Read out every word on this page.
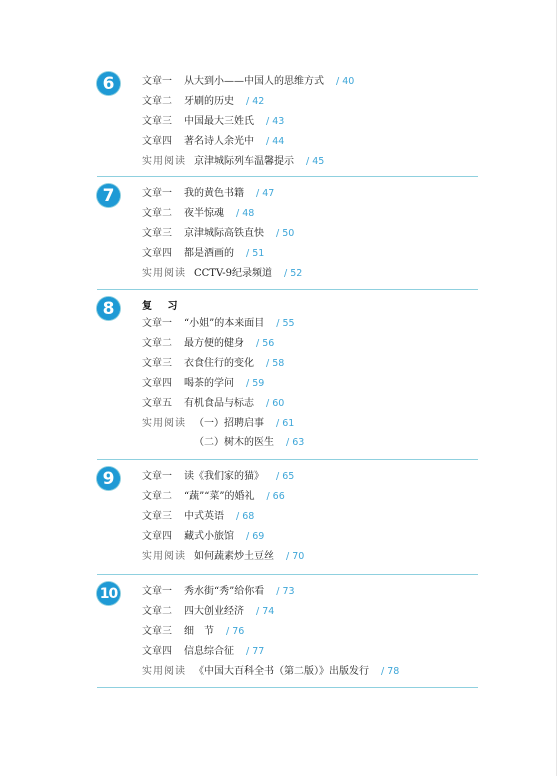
6	文章一 从大到小——中国人的思维方式 / 40
文章二 牙刷的历史 / 42
文章三 中国最大三姓氏 / 43
文章四 著名诗人余光中 / 44
实用阅读 京津城际列车温馨提示 / 45
7	文章一 我的黄色书籍 / 47
文章二 夜半惊魂 / 48
文章三 京津城际高铁直快 / 50
文章四 都是酒画的 / 51
实用阅读 CCTV-9纪录频道 / 52
8	复 习
文章一 “小姐”的本来面目 / 55
文章二 最方便的健身 / 56
文章三 衣食住行的变化 / 58
文章四 喝茶的学问 / 59
文章五 有机食品与标志 / 60
实用阅读 （一）招聘启事 / 61
（二）树木的医生 / 63
9	文章一 读《我们家的猫》 / 65
文章二 “蔬”“菜”的婚礼 / 66
文章三 中式英语 / 68
文章四 藏式小旅馆 / 69
实用阅读 如何蔬素炒土豆丝 / 70
10 文章一 秀水街“秀”给你看 / 73
文章二 四大创业经济 / 74
文章三 细　节 / 76
文章四 信息综合征 / 77
实用阅读 《中国大百科全书（第二版）》出版发行 / 78
